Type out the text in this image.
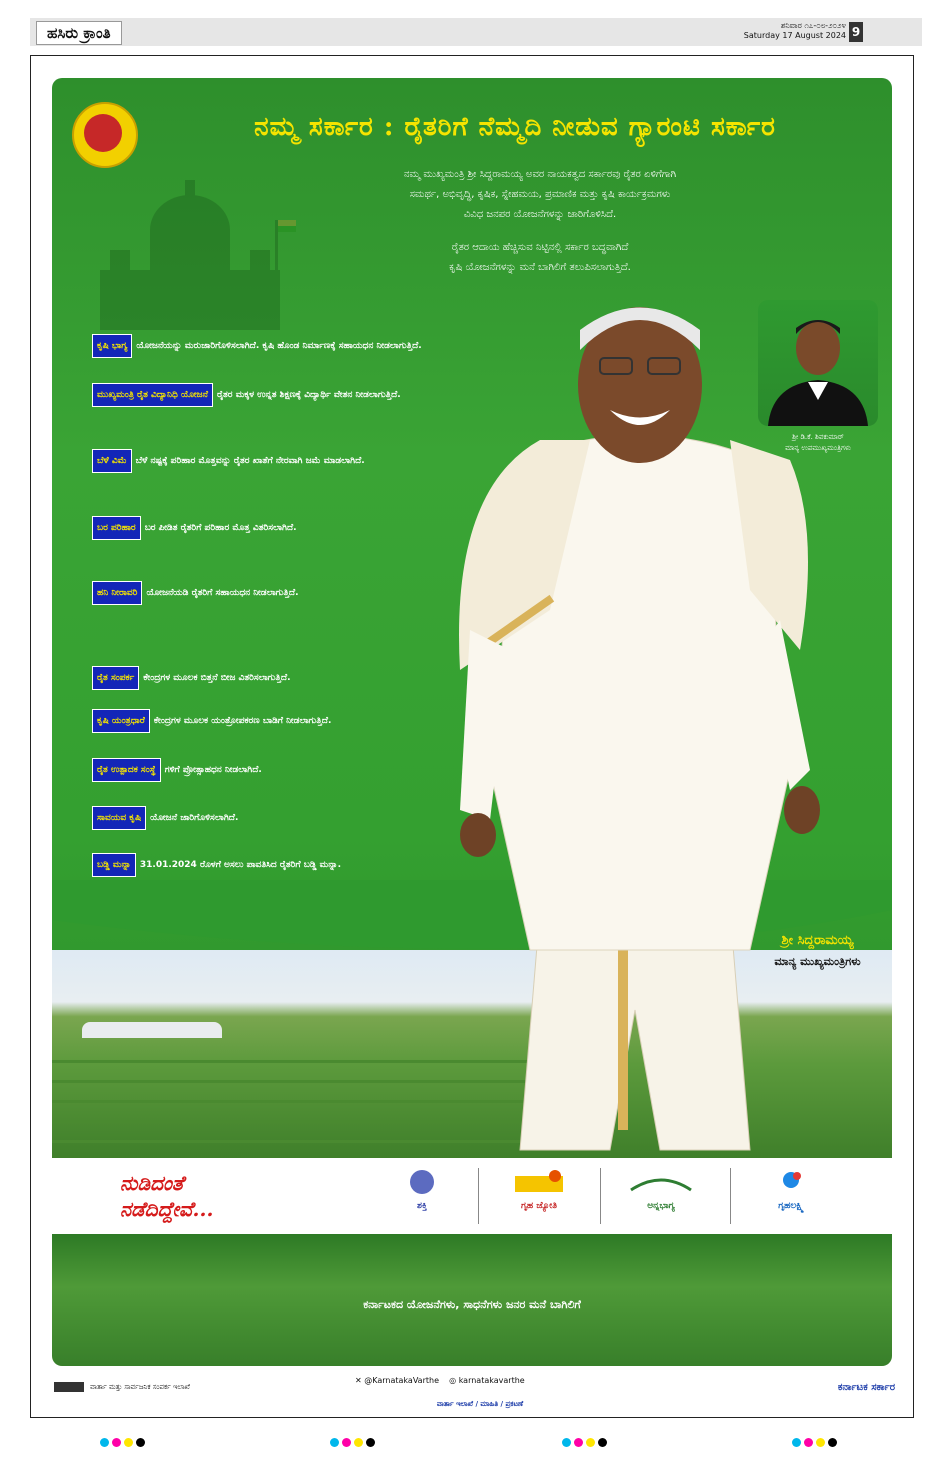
ಹಸಿರು ಕ್ರಾಂತಿ	ಶನಿವಾರ ೧೭-೦೮-೨೦೨೪
Saturday 17 August 2024 9
ನಮ್ಮ ಸರ್ಕಾರ : ರೈತರಿಗೆ ನೆಮ್ಮದಿ ನೀಡುವ ಗ್ಯಾರಂಟಿ ಸರ್ಕಾರ
ನಮ್ಮ ಮುಖ್ಯಮಂತ್ರಿ ಶ್ರೀ ಸಿದ್ದರಾಮಯ್ಯ ಅವರ ನಾಯಕತ್ವದ ಸರ್ಕಾರವು ರೈತರ ಏಳಿಗೆಗಾಗಿ
ಸಮರ್ಥ, ಅಭಿವೃದ್ಧಿ, ಕೃಷಿಕ, ಸ್ನೇಹಮಯ, ಪ್ರಮಾಣಿಕ ಮತ್ತು ಕೃಷಿ ಕಾರ್ಯಕ್ರಮಗಳು
ವಿವಿಧ ಜನಪರ ಯೋಜನೆಗಳನ್ನು ಜಾರಿಗೊಳಿಸಿದೆ.
ರೈತರ ಆದಾಯ ಹೆಚ್ಚಿಸುವ ನಿಟ್ಟಿನಲ್ಲಿ ಸರ್ಕಾರ ಬದ್ಧವಾಗಿದೆ
ಕೃಷಿ ಯೋಜನೆಗಳನ್ನು ಮನೆ ಬಾಗಿಲಿಗೆ ತಲುಪಿಸಲಾಗುತ್ತಿದೆ.
ಕೃಷಿ ಭಾಗ್ಯ ಯೋಜನೆಯನ್ನು ಮರುಜಾರಿಗೊಳಿಸಲಾಗಿದೆ. ಕೃಷಿ ಹೊಂಡ ನಿರ್ಮಾಣಕ್ಕೆ ಸಹಾಯಧನ ನೀಡಲಾಗುತ್ತಿದೆ.
ಮುಖ್ಯಮಂತ್ರಿ ರೈತ ವಿದ್ಯಾನಿಧಿ ಯೋಜನೆ ರೈತರ ಮಕ್ಕಳ ಉನ್ನತ ಶಿಕ್ಷಣಕ್ಕೆ ವಿದ್ಯಾರ್ಥಿ ವೇತನ ನೀಡಲಾಗುತ್ತಿದೆ.
ಬೆಳೆ ವಿಮೆ ಬೆಳೆ ನಷ್ಟಕ್ಕೆ ಪರಿಹಾರ ಮೊತ್ತವನ್ನು ರೈತರ ಖಾತೆಗೆ ನೇರವಾಗಿ ಜಮೆ ಮಾಡಲಾಗಿದೆ.
ಬರ ಪರಿಹಾರ ಬರ ಪೀಡಿತ ರೈತರಿಗೆ ಪರಿಹಾರ ಮೊತ್ತ ವಿತರಿಸಲಾಗಿದೆ.
ಹನಿ ನೀರಾವರಿ ಯೋಜನೆಯಡಿ ರೈತರಿಗೆ ಸಹಾಯಧನ ನೀಡಲಾಗುತ್ತಿದೆ.
ರೈತ ಸಂಪರ್ಕ ಕೇಂದ್ರಗಳ ಮೂಲಕ ಬಿತ್ತನೆ ಬೀಜ ವಿತರಿಸಲಾಗುತ್ತಿದೆ.
ಕೃಷಿ ಯಂತ್ರಧಾರೆ ಕೇಂದ್ರಗಳ ಮೂಲಕ ಯಂತ್ರೋಪಕರಣ ಬಾಡಿಗೆ ನೀಡಲಾಗುತ್ತಿದೆ.
ರೈತ ಉತ್ಪಾದಕ ಸಂಸ್ಥೆ ಗಳಿಗೆ ಪ್ರೋತ್ಸಾಹಧನ ನೀಡಲಾಗಿದೆ.
ಸಾವಯವ ಕೃಷಿ ಯೋಜನೆ ಜಾರಿಗೊಳಿಸಲಾಗಿದೆ.
ಬಡ್ಡಿ ಮನ್ನಾ 31.01.2024 ರೊಳಗೆ ಅಸಲು ಪಾವತಿಸಿದ ರೈತರಿಗೆ ಬಡ್ಡಿ ಮನ್ನಾ.
ಶ್ರೀ ಡಿ.ಕೆ. ಶಿವಕುಮಾರ್
ಮಾನ್ಯ ಉಪಮುಖ್ಯಮಂತ್ರಿಗಳು
ಶ್ರೀ ಸಿದ್ದರಾಮಯ್ಯ
ಮಾನ್ಯ ಮುಖ್ಯಮಂತ್ರಿಗಳು
ನುಡಿದಂತೆ
ನಡೆದಿದ್ದೇವೆ...	ಶಕ್ತಿ	ಗೃಹ ಜ್ಯೋತಿ	ಅನ್ನಭಾಗ್ಯ	ಗೃಹಲಕ್ಷ್ಮಿ
ಕರ್ನಾಟಕದ ಯೋಜನೆಗಳು, ಸಾಧನೆಗಳು ಜನರ ಮನೆ ಬಾಗಿಲಿಗೆ
ವಾರ್ತಾ ಮತ್ತು ಸಾರ್ವಜನಿಕ ಸಂಪರ್ಕ ಇಲಾಖೆ
✕ @KarnatakaVarthe ◎ karnatakavarthe
ಕರ್ನಾಟಕ ಸರ್ಕಾರ
ವಾರ್ತಾ ಇಲಾಖೆ / ಮಾಹಿತಿ / ಪ್ರಕಟಣೆ
